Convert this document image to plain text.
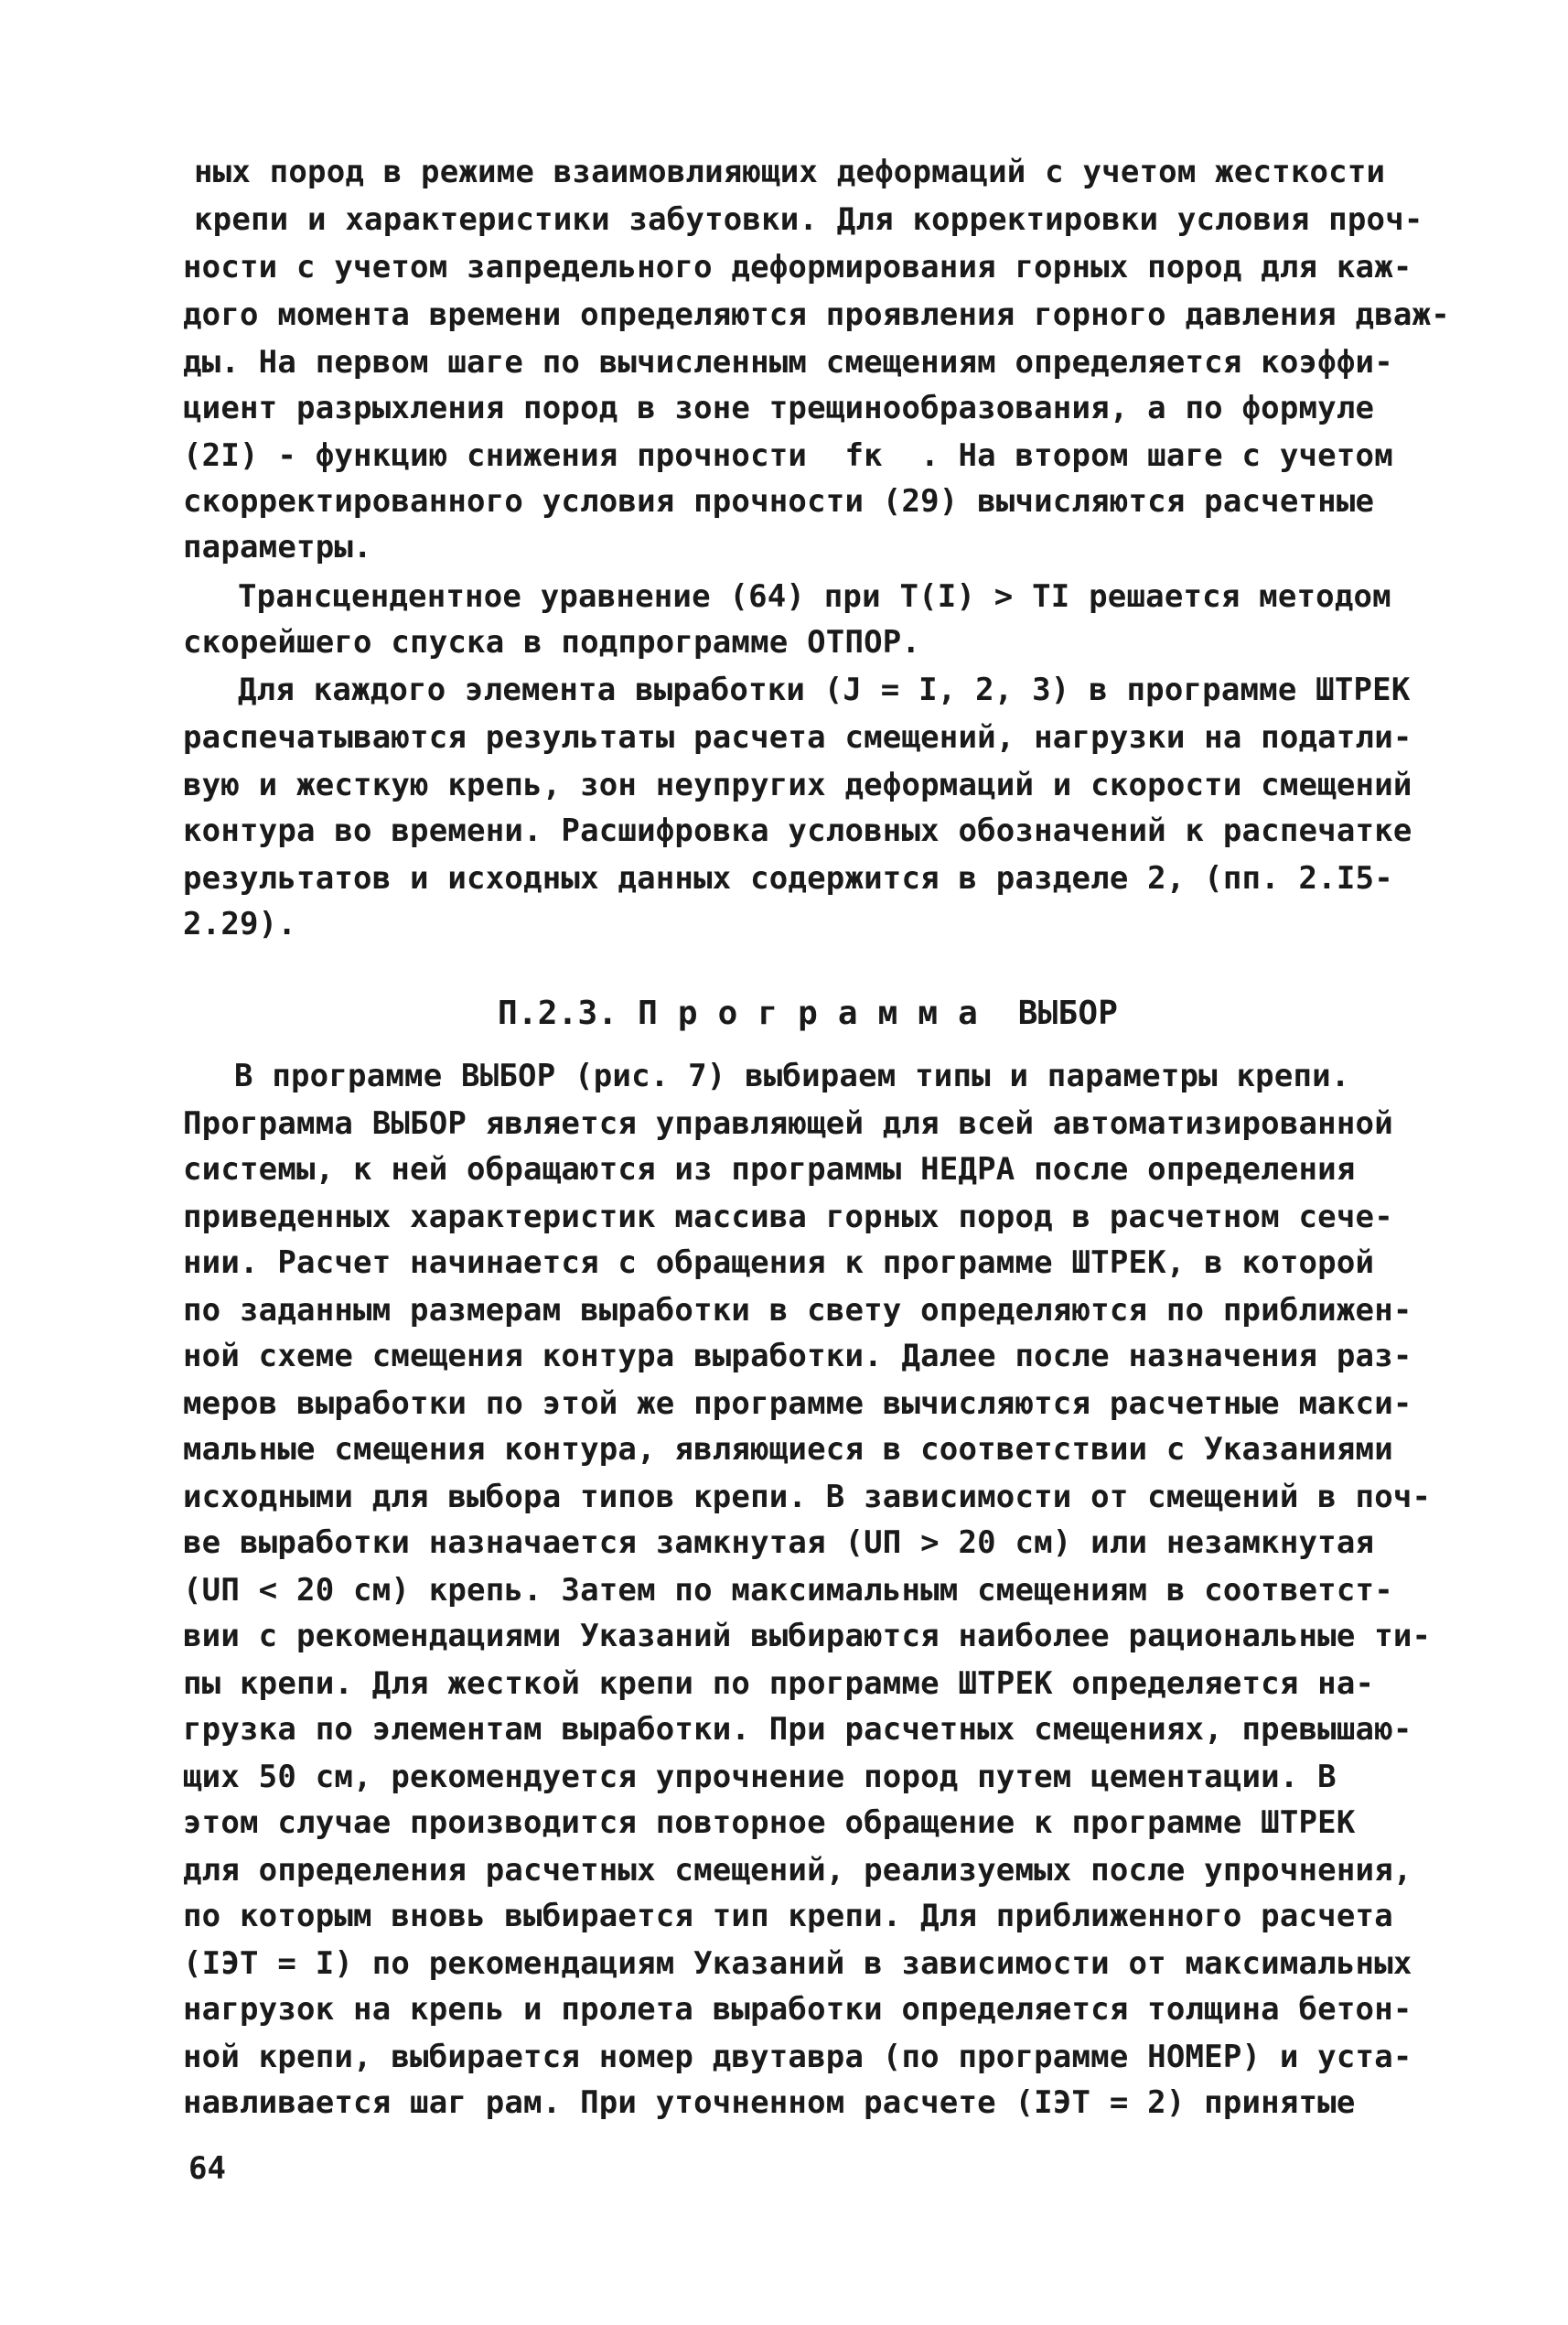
ных пород в режиме взаимовлияющих деформаций с учетом жесткости
крепи и характеристики забутовки. Для корректировки условия проч-
ности с учетом запредельного деформирования горных пород для каж-
дого момента времени определяются проявления горного давления дваж-
ды. На первом шаге по вычисленным смещениям определяется коэффи-
циент разрыхления пород в зоне трещинообразования, а по формуле
(2I) - функцию снижения прочности  fк  . На втором шаге с учетом
скорректированного условия прочности (29) вычисляются расчетные
параметры.
Трансцендентное уравнение (64) при Т(I) > TI решается методом
скорейшего спуска в подпрограмме ОТПОР.
Для каждого элемента выработки (J = I, 2, 3) в программе ШТРЕК
распечатываются результаты расчета смещений, нагрузки на податли-
вую и жесткую крепь, зон неупругих деформаций и скорости смещений
контура во времени. Расшифровка условных обозначений к распечатке
результатов и исходных данных содержится в разделе 2, (пп. 2.I5-
2.29).
П.2.3. П р о г р а м м а  ВЫБОР
В программе ВЫБОР (рис. 7) выбираем типы и параметры крепи.
Программа ВЫБОР является управляющей для всей автоматизированной
системы, к ней обращаются из программы НЕДРА после определения
приведенных характеристик массива горных пород в расчетном сече-
нии. Расчет начинается с обращения к программе ШТРЕК, в которой
по заданным размерам выработки в свету определяются по приближен-
ной схеме смещения контура выработки. Далее после назначения раз-
меров выработки по этой же программе вычисляются расчетные макси-
мальные смещения контура, являющиеся в соответствии с Указаниями
исходными для выбора типов крепи. В зависимости от смещений в поч-
ве выработки назначается замкнутая (UП > 20 см) или незамкнутая
(UП < 20 см) крепь. Затем по максимальным смещениям в соответст-
вии с рекомендациями Указаний выбираются наиболее рациональные ти-
пы крепи. Для жесткой крепи по программе ШТРЕК определяется на-
грузка по элементам выработки. При расчетных смещениях, превышаю-
щих 50 см, рекомендуется упрочнение пород путем цементации. В
этом случае производится повторное обращение к программе ШТРЕК
для определения расчетных смещений, реализуемых после упрочнения,
по которым вновь выбирается тип крепи. Для приближенного расчета
(IЭТ = I) по рекомендациям Указаний в зависимости от максимальных
нагрузок на крепь и пролета выработки определяется толщина бетон-
ной крепи, выбирается номер двутавра (по программе НОМЕР) и уста-
навливается шаг рам. При уточненном расчете (IЭТ = 2) принятые
64
